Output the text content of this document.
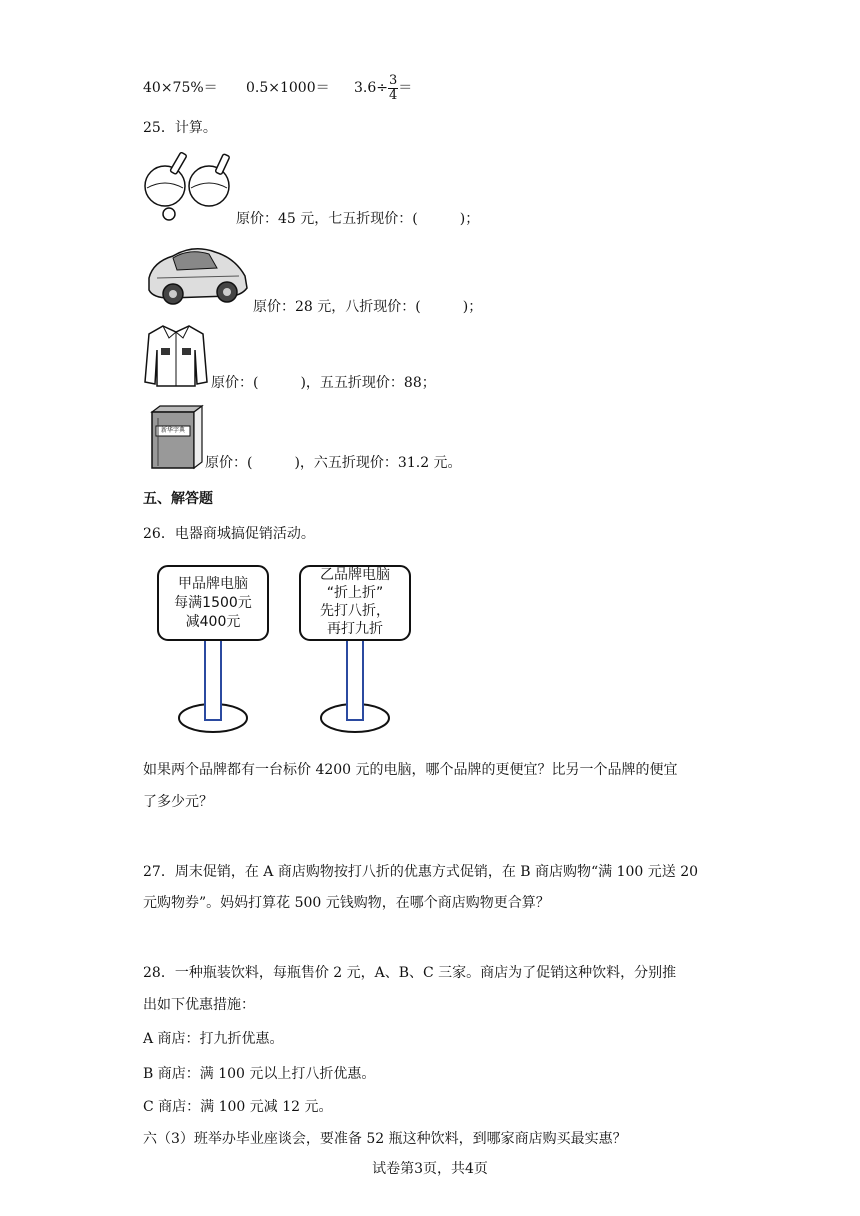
$40\times 75\%= 0.5\times 1000= 3.6\div \frac{3}{4}$ ＝
25．计算。
原价：45 元，七五折现价：(　　　)；
原价：28 元，八折现价：(　　　)；
原价：(　　　)，五五折现价：88；
新华字典
原价：(　　　)，六五折现价：31.2 元。
五、解答题
26．电器商城搞促销活动。
甲品牌电脑
每满1500元
减400元
乙品牌电脑
“折上折”
先打八折，
再打九折
如果两个品牌都有一台标价 4200 元的电脑，哪个品牌的更便宜？比另一个品牌的便宜
了多少元？
27．周末促销，在 A 商店购物按打八折的优惠方式促销，在 B 商店购物“满 100 元送 20
元购物券”。妈妈打算花 500 元钱购物，在哪个商店购物更合算？
28．一种瓶装饮料，每瓶售价 2 元，A、B、C 三家。商店为了促销这种饮料，分别推
出如下优惠措施：
A 商店：打九折优惠。
B 商店：满 100 元以上打八折优惠。
C 商店：满 100 元减 12 元。
六（3）班举办毕业座谈会，要准备 52 瓶这种饮料，到哪家商店购买最实惠？
试卷第3页，共4页
